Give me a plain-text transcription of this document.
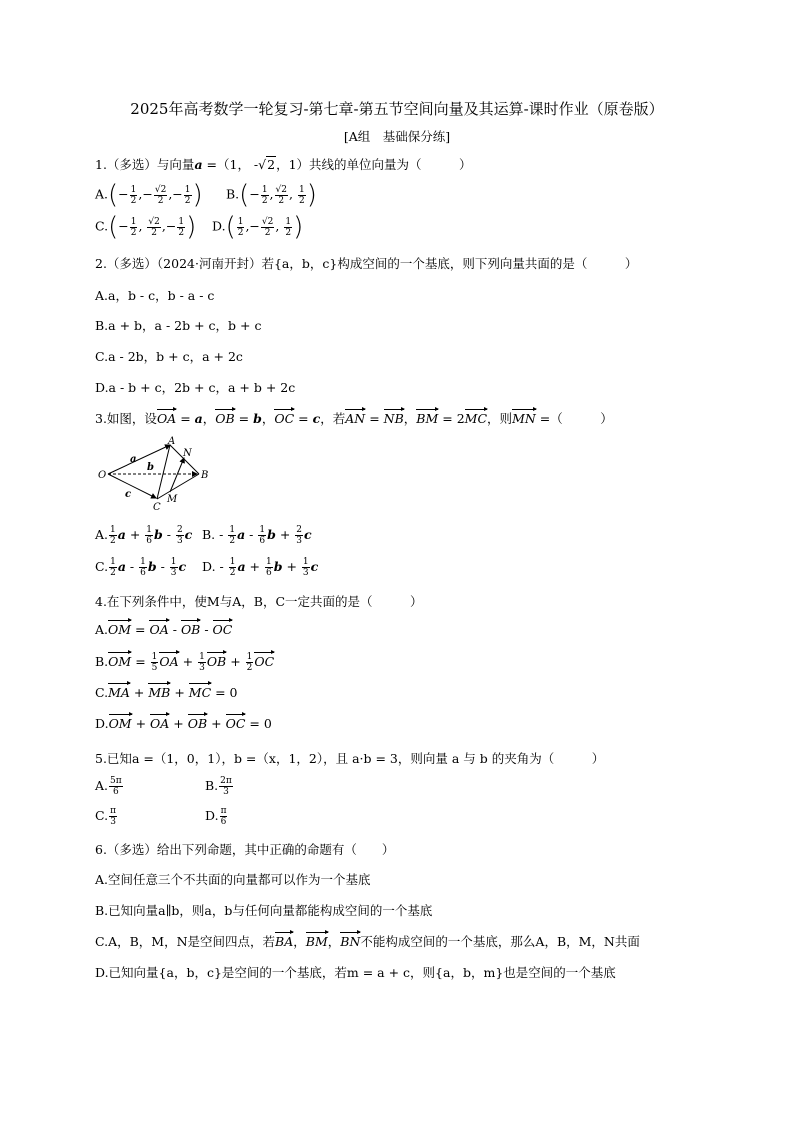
2025年高考数学一轮复习-第七章-第五节空间向量及其运算-课时作业（原卷版）
[A组　基础保分练]
1.（多选）与向量a =（1， -√2，1）共线的单位向量为（　　　）
$A.(- \frac{1}{2}$ ,− $\frac{√2}{2}$ ,− $\frac{1}{2}$ ) $B.(- \frac{1}{2}$ , $\frac{√2}{2}$ , $\frac{1}{2}$ )
$C.(- \frac{1}{2}$ , $\frac{√2}{2}$ ,− $\frac{1}{2}$ ) $D.( \frac{1}{2}$ ,− $\frac{√2}{2}$ , $\frac{1}{2}$ )
2.（多选）（2024·河南开封）若{a，b，c}构成空间的一个基底，则下列向量共面的是（　　　）
A.a，b - c，b - a - c
B.a + b，a - 2b + c，b + c
C.a - 2b，b + c，a + 2c
D.a - b + c，2b + c，a + b + 2c
3.如图，设OA = a，OB = b，OC = c，若AN = NB，BM = 2MC，则MN =（　　　）
A
N
B
O
C
M
a
b
c
A. $\frac{1}{2}$ $a + \frac{1}{6}$ b - $\frac{2}{3}$ c B. - $\frac{1}{2}$ a - $\frac{1}{6}$ $b + \frac{2}{3}$ c
C. $\frac{1}{2}$ a - $\frac{1}{6}$ b - $\frac{1}{3}$ c D. - $\frac{1}{2}$ $a + \frac{1}{6}$ $b + \frac{1}{3}$ c
4.在下列条件中，使M与A，B，C一定共面的是（　　　）
A.OM = OA - OB - OC
$B.OM = \frac{1}{5}$ OA + $\frac{1}{3}$ OB + $\frac{1}{2}$ OC
C.MA + MB + MC = 0
D.OM + OA + OB + OC = 0
5.已知a =（1，0，1），b =（x，1，2），且 a·b = 3，则向量 a 与 b 的夹角为（　　　）
A. $\frac{5\pi}{6}$	B. $\frac{2\pi}{3}$
C. $\frac{\pi}{3}$	D. $\frac{\pi}{6}$
6.（多选）给出下列命题，其中正确的命题有（　　）
A.空间任意三个不共面的向量都可以作为一个基底
B.已知向量a∥b，则a，b与任何向量都能构成空间的一个基底
C.A，B，M，N是空间四点，若BA，BM，BN不能构成空间的一个基底，那么A，B，M，N共面
D.已知向量{a，b，c}是空间的一个基底，若m = a + c，则{a，b，m}也是空间的一个基底
